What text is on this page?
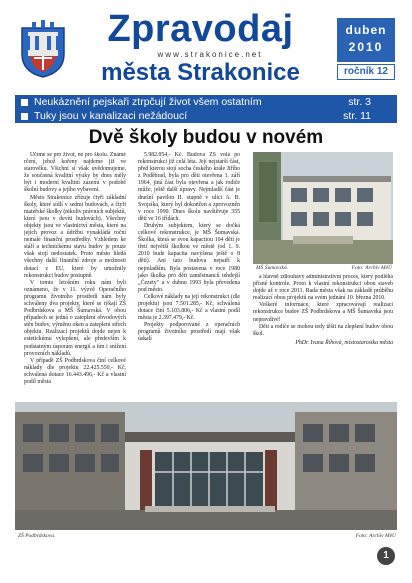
Zpravodaj
www.strakonice.net
města Strakonice
duben
2010
ročník 12
Neukáznění pejskaři ztrpčují život všem ostatním	str. 3
Tuky jsou v kanalizaci nežádoucí	str. 11
Dvě školy budou v novém

Učíme se pro život, ne pro školu. Známé rčení, jehož kořeny najdeme již ve starověku. Všichni si však uvědomujeme, že současná kvalitní výuky by dnes měly být i moderní kvalitní zázemí v podobě školní budovy a jejího vybavení.

Město Strakonice zřizuje čtyři základní školy, které sídlí v sedmi budovách, a čtyři mateřské školky (nikoliv právních subjektů, které jsou v devíti budovách). Všechny objekty jsou ve vlastnictví města, které na jejich provoz a údržbu vynakládá roční nemalé finanční prostředky. Vzhledem ke stáří a technickému stavu budov je pouze však stojí nedostatek. Proto město hledá všechny další finanční zdroje a možnosti dotací z EU, které by umožnily rekonstrukci budov postupně.

V tomto letošním roku nám byli oznámeno, že v 11. výzvě Operačního programu životního prostředí nám byly schváleny dva projekty, které se týkají ZŠ Podbrdskova a MŠ Šumavská. V obou případech se jedná o zateplení obvodových stěn budov, výměnu oken a zateplení střech objektu. Realizací projektů dojde nejen k estetickému vylepšení, ale především k podstatným úsporám energií a tím i snížení provozních nákladů.

V případě ZŠ Podbrdskova činí celkové náklady dle projektu 22.425.550,- Kč, schválená dotace 16.443.496,- Kč a vlastní podíl města

5.982.054,- Kč. Budova ZŠ volá po rekonstrukci již celá léta. Její nejstarší část, před kterou stojí socha českého krále Jiřího z Poděbrad, byla pro děti otevřena 1. září 1964, jiná část byla otevřena a jak rodiče může, ještě další úpravy. Nejmladší část je dnešní pavilon II. stupně v ulici A. B. Svojsíka, který byl dokončen a zprovozněn v roce 1990. Dnes školu navštěvuje 355 dětí ve 16 třídách.

Druhým subjektem, který se dočká celkové rekonstrukce, je MŠ Šumavská. Školka, která se svou kapacitou 104 dětí je třetí největší školkou ve městě (od 1. 9. 2010 bude kapacita navýšena ještě o 8 dětí). Ani tato budova nepatří k nejmladším. Byla postavena v roce 1980 jako školka pro děti zaměstnanců tehdejší „Čezety" a v dubnu 1993 byla převedena pod město.

Celkové náklady na její rekonstrukci (dle projektu) jsou 7.501.285,- Kč, schválená dotace činí 5.103.806,- Kč a vlastní podíl města je 2.397.479,- Kč.

Projekty podporované z operačních programů životního prostředí mají však úskalí

MŠ Šumavská.	Foto: Archiv MěÚ

a hlavně zdlouhavý administrativní proces, který podléhá přísné kontrole. Proto k vlastní rekonstrukci obou staveb dojde až v roce 2011. Rada města však na základě průběhu realizací obou projektů na svém jednání 10. března 2010.

Veškeré informace, které zpracovávají realizaci rekonstrukce budov ZŠ Podbrdskova a MŠ Šumavská jsou nepravdivé!

Děti a rodiče se mohou tedy těšit na zlepšení budov obou škol.

PhDr. Ivana Říhová, místostarostka města

ZŠ Podbrdskova.	Foto: Archiv MěÚ
1
